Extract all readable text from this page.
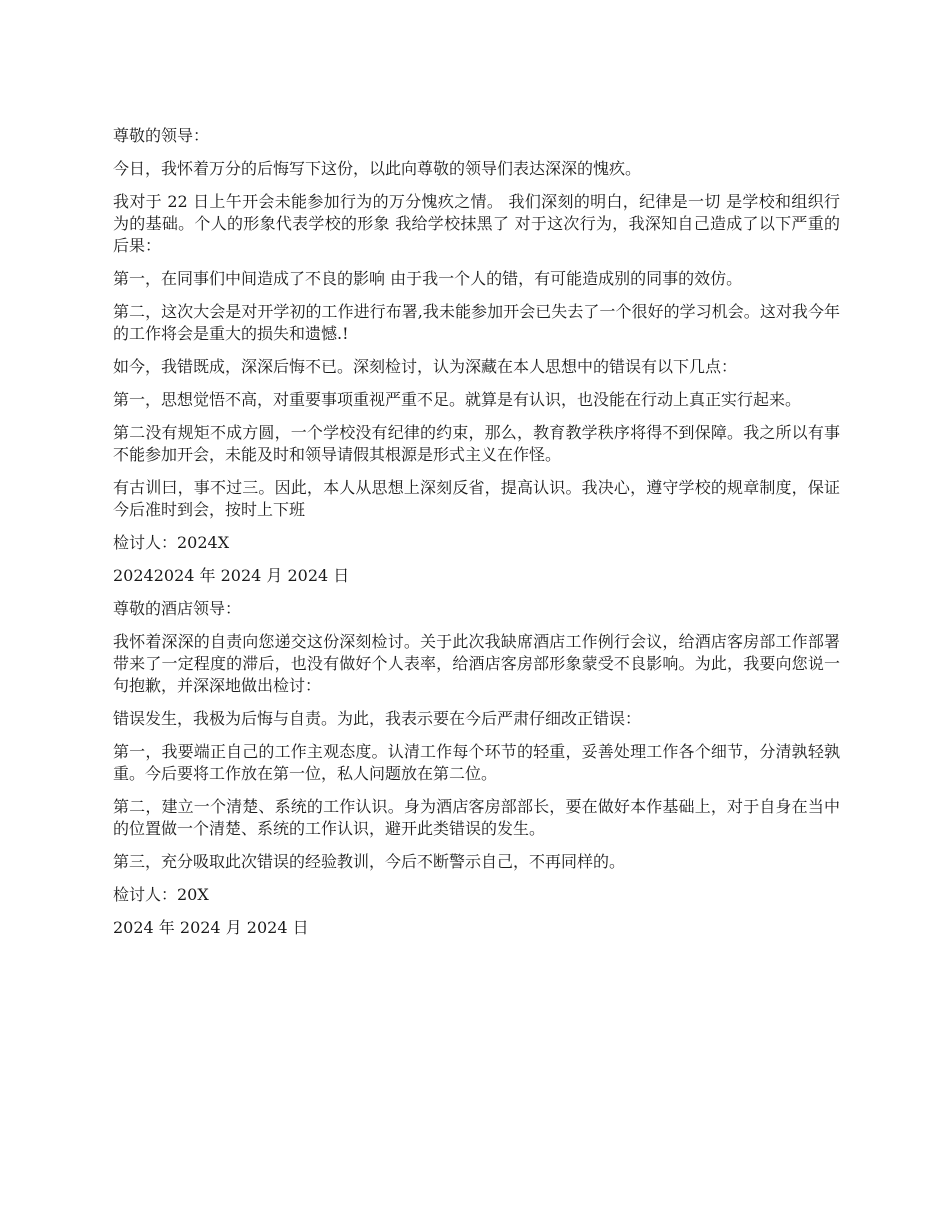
尊敬的领导：

今日，我怀着万分的后悔写下这份，以此向尊敬的领导们表达深深的愧疚。

我对于 22 日上午开会未能参加行为的万分愧疚之情。 我们深刻的明白，纪律是一切 是学校和组织行为的基础。个人的形象代表学校的形象 我给学校抹黑了 对于这次行为，我深知自己造成了以下严重的后果：

第一，在同事们中间造成了不良的影响 由于我一个人的错，有可能造成别的同事的效仿。

第二，这次大会是对开学初的工作进行布署,我未能参加开会已失去了一个很好的学习机会。这对我今年的工作将会是重大的损失和遗憾.!

如今，我错既成，深深后悔不已。深刻检讨，认为深藏在本人思想中的错误有以下几点：

第一，思想觉悟不高，对重要事项重视严重不足。就算是有认识，也没能在行动上真正实行起来。

第二没有规矩不成方圆，一个学校没有纪律的约束，那么，教育教学秩序将得不到保障。我之所以有事不能参加开会，未能及时和领导请假其根源是形式主义在作怪。

有古训曰，事不过三。因此，本人从思想上深刻反省，提高认识。我决心，遵守学校的规章制度，保证今后准时到会，按时上下班

检讨人：2024X

20242024 年 2024 月 2024 日

尊敬的酒店领导：

我怀着深深的自责向您递交这份深刻检讨。关于此次我缺席酒店工作例行会议，给酒店客房部工作部署带来了一定程度的滞后，也没有做好个人表率，给酒店客房部形象蒙受不良影响。为此，我要向您说一句抱歉，并深深地做出检讨：

错误发生，我极为后悔与自责。为此，我表示要在今后严肃仔细改正错误：

第一，我要端正自己的工作主观态度。认清工作每个环节的轻重，妥善处理工作各个细节，分清孰轻孰重。今后要将工作放在第一位，私人问题放在第二位。

第二，建立一个清楚、系统的工作认识。身为酒店客房部部长，要在做好本作基础上，对于自身在当中的位置做一个清楚、系统的工作认识，避开此类错误的发生。

第三，充分吸取此次错误的经验教训，今后不断警示自己，不再同样的。

检讨人：20X

2024 年 2024 月 2024 日
